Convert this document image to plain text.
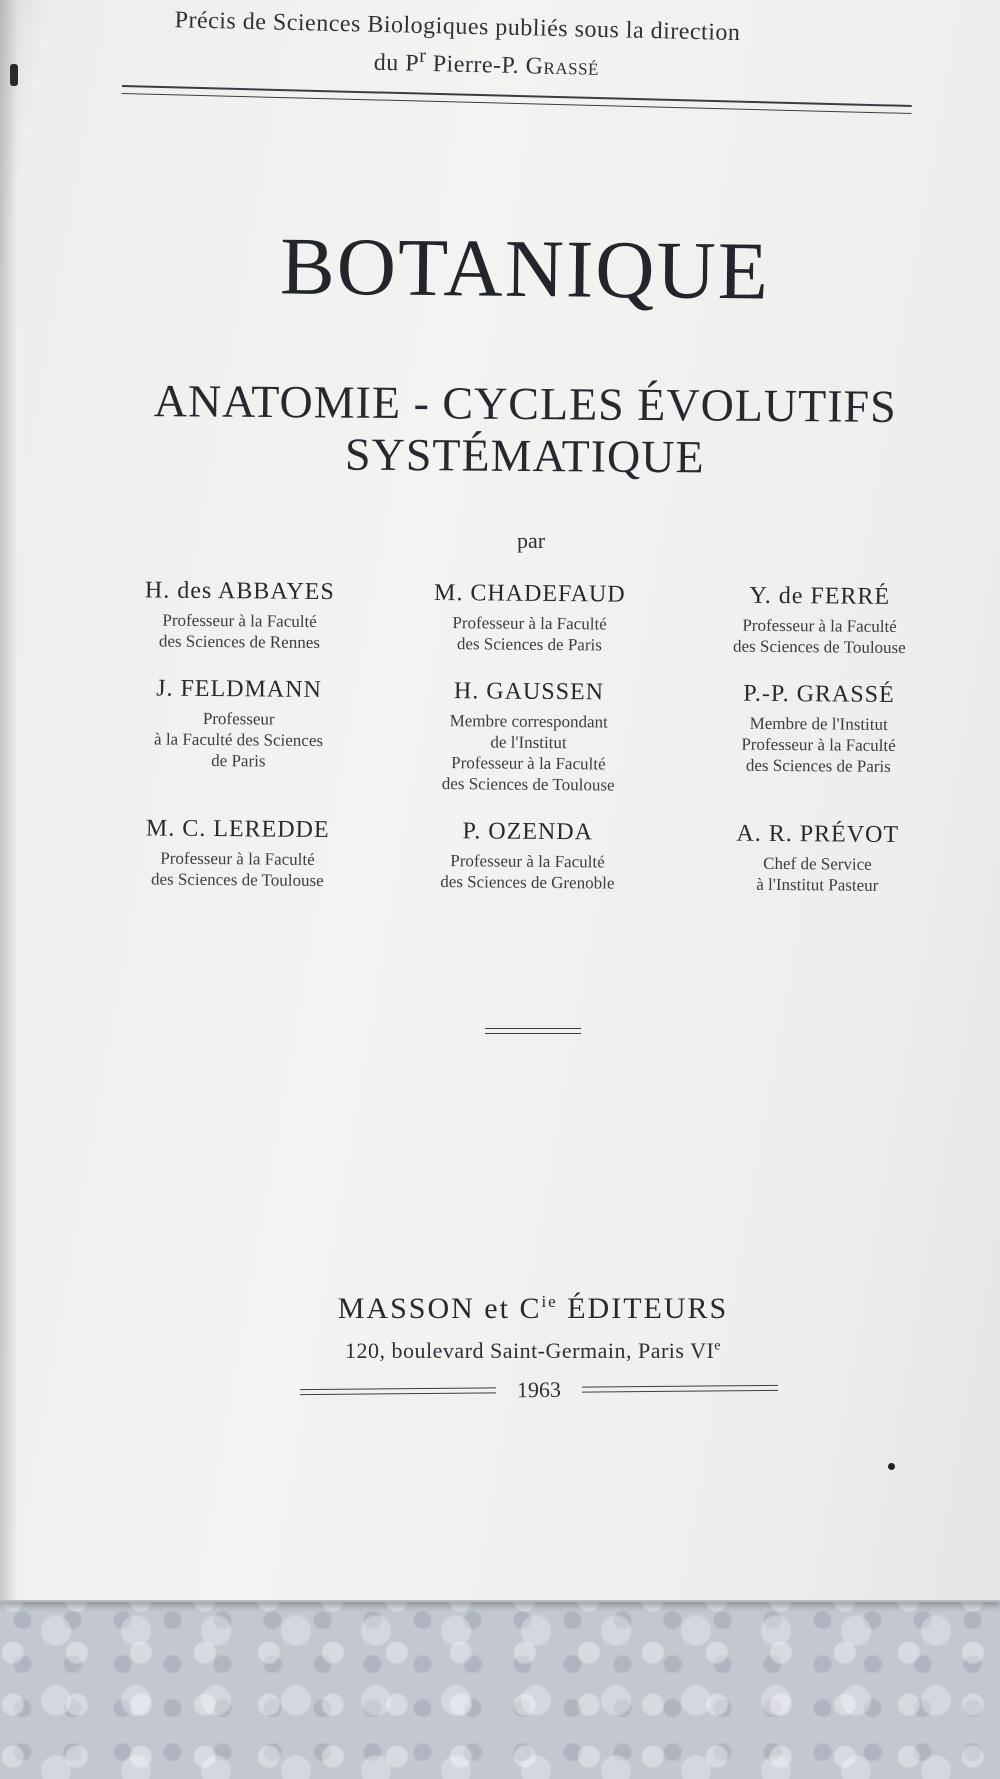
Précis de Sciences Biologiques publiés sous la direction
du $P^r$ Pierre-P. Grassé
BOTANIQUE
ANATOMIE - CYCLES ÉVOLUTIFS
SYSTÉMATIQUE
par
H. des ABBAYES
Professeur à la Faculté
des Sciences de Rennes
M. CHADEFAUD
Professeur à la Faculté
des Sciences de Paris
Y. de FERRÉ
Professeur à la Faculté
des Sciences de Toulouse
J. FELDMANN
Professeur
à la Faculté des Sciences
de Paris
H. GAUSSEN
Membre correspondant
de l'Institut
Professeur à la Faculté
des Sciences de Toulouse
P.-P. GRASSÉ
Membre de l'Institut
Professeur à la Faculté
des Sciences de Paris
M. C. LEREDDE
Professeur à la Faculté
des Sciences de Toulouse
P. OZENDA
Professeur à la Faculté
des Sciences de Grenoble
A. R. PRÉVOT
Chef de Service
à l'Institut Pasteur
MASSON et $C^{ie}$ ÉDITEURS
120, boulevard Saint-Germain, Paris VIe
1963
